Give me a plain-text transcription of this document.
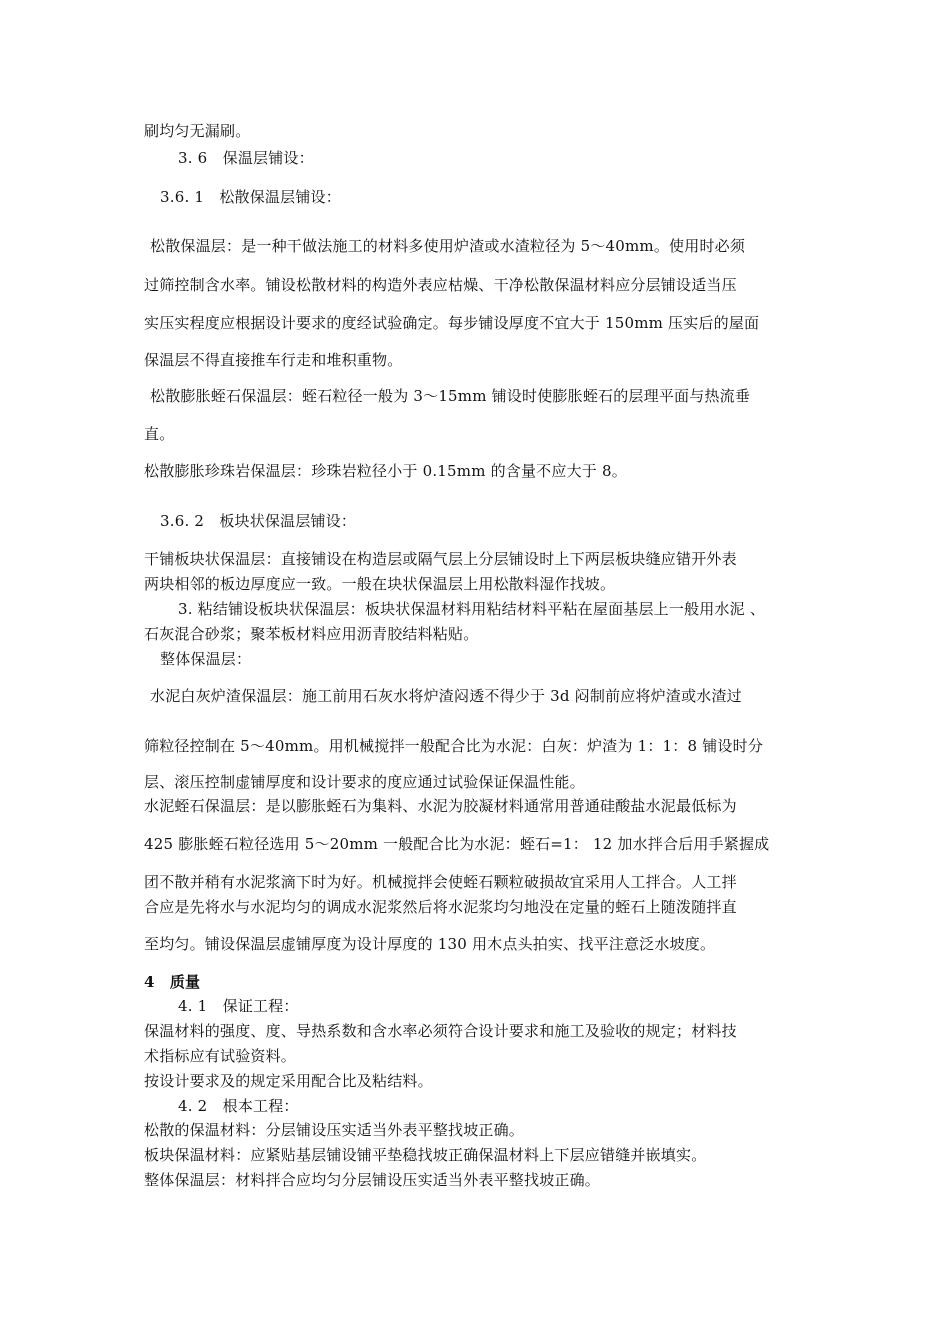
刷均匀无漏刷。
3. 6　保温层铺设：
3.6. 1　松散保温层铺设：
松散保温层：是一种干做法施工的材料多使用炉渣或水渣粒径为 5～40mm。使用时必须
过筛控制含水率。铺设松散材料的构造外表应枯燥、干净松散保温材料应分层铺设适当压
实压实程度应根据设计要求的度经试验确定。每步铺设厚度不宜大于 150mm 压实后的屋面
保温层不得直接推车行走和堆积重物。
松散膨胀蛭石保温层：蛭石粒径一般为 3～15mm 铺设时使膨胀蛭石的层理平面与热流垂
直。
松散膨胀珍珠岩保温层：珍珠岩粒径小于 0.15mm 的含量不应大于 8。
3.6. 2　板块状保温层铺设：
干铺板块状保温层：直接铺设在构造层或隔气层上分层铺设时上下两层板块缝应错开外表
两块相邻的板边厚度应一致。一般在块状保温层上用松散料湿作找坡。
3. 粘结铺设板块状保温层：板块状保温材料用粘结材料平粘在屋面基层上一般用水泥 、
石灰混合砂浆；聚苯板材料应用沥青胶结料粘贴。
整体保温层：
水泥白灰炉渣保温层：施工前用石灰水将炉渣闷透不得少于 3d 闷制前应将炉渣或水渣过
筛粒径控制在 5～40mm。用机械搅拌一般配合比为水泥：白灰：炉渣为 1：1：8 铺设时分
层、滚压控制虚铺厚度和设计要求的度应通过试验保证保温性能。
水泥蛭石保温层：是以膨胀蛭石为集料、水泥为胶凝材料通常用普通硅酸盐水泥最低标为
425 膨胀蛭石粒径选用 5～20mm 一般配合比为水泥：蛭石=1： 12 加水拌合后用手紧握成
团不散并稍有水泥浆滴下时为好。机械搅拌会使蛭石颗粒破损故宜采用人工拌合。人工拌
合应是先将水与水泥均匀的调成水泥浆然后将水泥浆均匀地没在定量的蛭石上随泼随拌直
至均匀。铺设保温层虚铺厚度为设计厚度的 130 用木点头拍实、找平注意泛水坡度。
4　质量
4. 1　保证工程：
保温材料的强度、度、导热系数和含水率必须符合设计要求和施工及验收的规定；材料技
术指标应有试验资料。
按设计要求及的规定采用配合比及粘结料。
4. 2　根本工程：
松散的保温材料：分层铺设压实适当外表平整找坡正确。
板块保温材料：应紧贴基层铺设铺平垫稳找坡正确保温材料上下层应错缝并嵌填实。
整体保温层：材料拌合应均匀分层铺设压实适当外表平整找坡正确。
